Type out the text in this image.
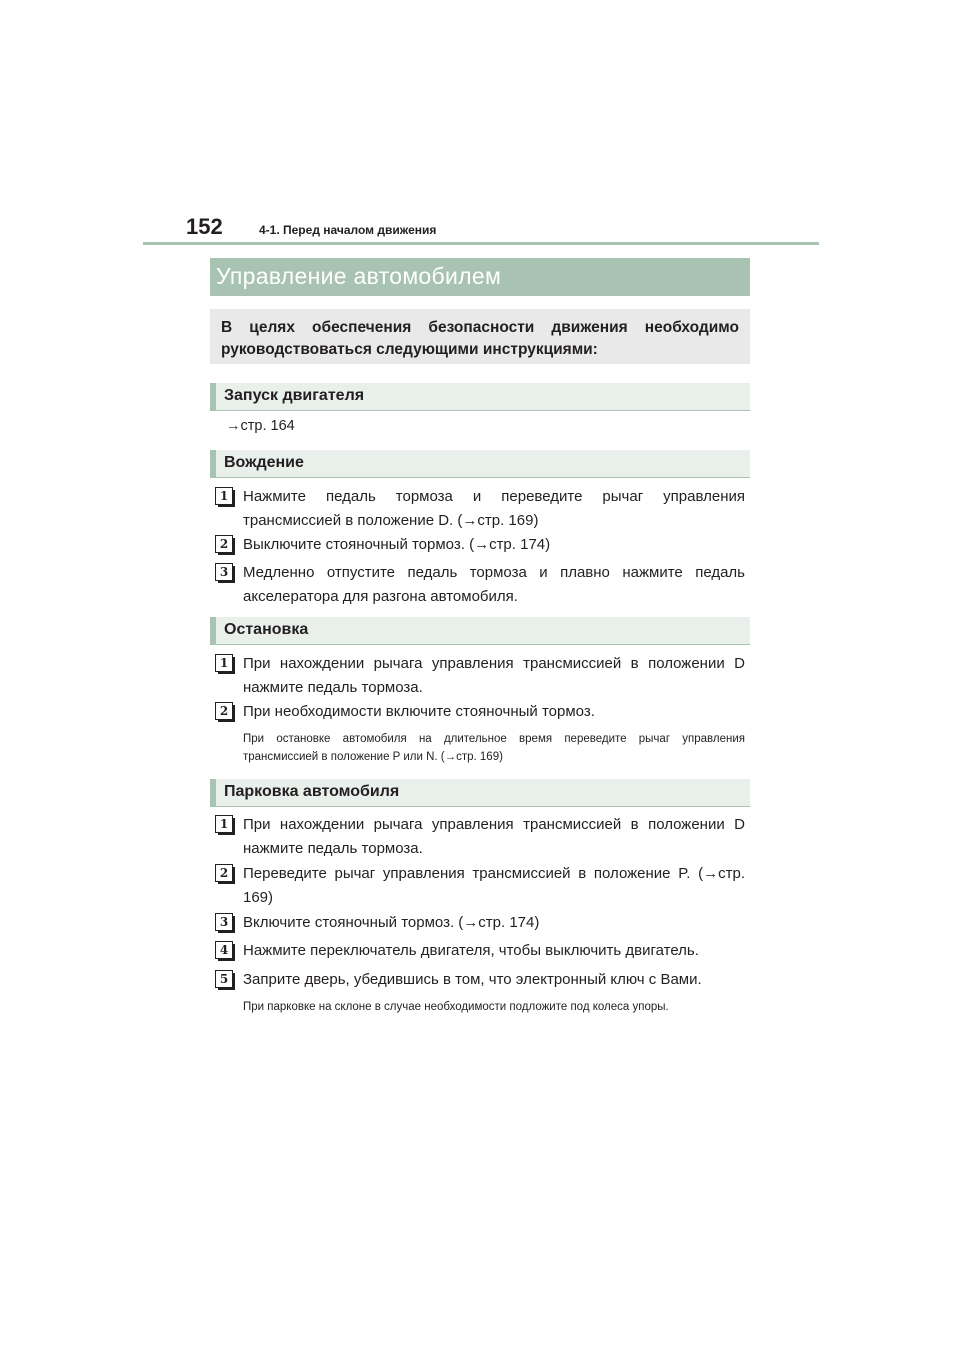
152	4-1. Перед началом движения
Управление автомобилем

В целях обеспечения безопасности движения необходимо
руководствоваться следующими инструкциями:

Запуск двигателя
→стр. 164
Вождение
1 Нажмите педаль тормоза и переведите рычаг управления трансмиссией в положение D. (→стр. 169)
2 Выключите стояночный тормоз. (→стр. 174)
3 Медленно отпустите педаль тормоза и плавно нажмите педаль акселератора для разгона автомобиля.
Остановка
1 При нахождении рычага управления трансмиссией в положении D нажмите педаль тормоза.
2 При необходимости включите стояночный тормоз.
При остановке автомобиля на длительное время переведите рычаг управления трансмиссией в положение P или N. (→стр. 169)
Парковка автомобиля
1 При нахождении рычага управления трансмиссией в положении D нажмите педаль тормоза.
2 Переведите рычаг управления трансмиссией в положение P. (→стр. 169)
3 Включите стояночный тормоз. (→стр. 174)
4 Нажмите переключатель двигателя, чтобы выключить двигатель.
5 Заприте дверь, убедившись в том, что электронный ключ с Вами.
При парковке на склоне в случае необходимости подложите под колеса упоры.
